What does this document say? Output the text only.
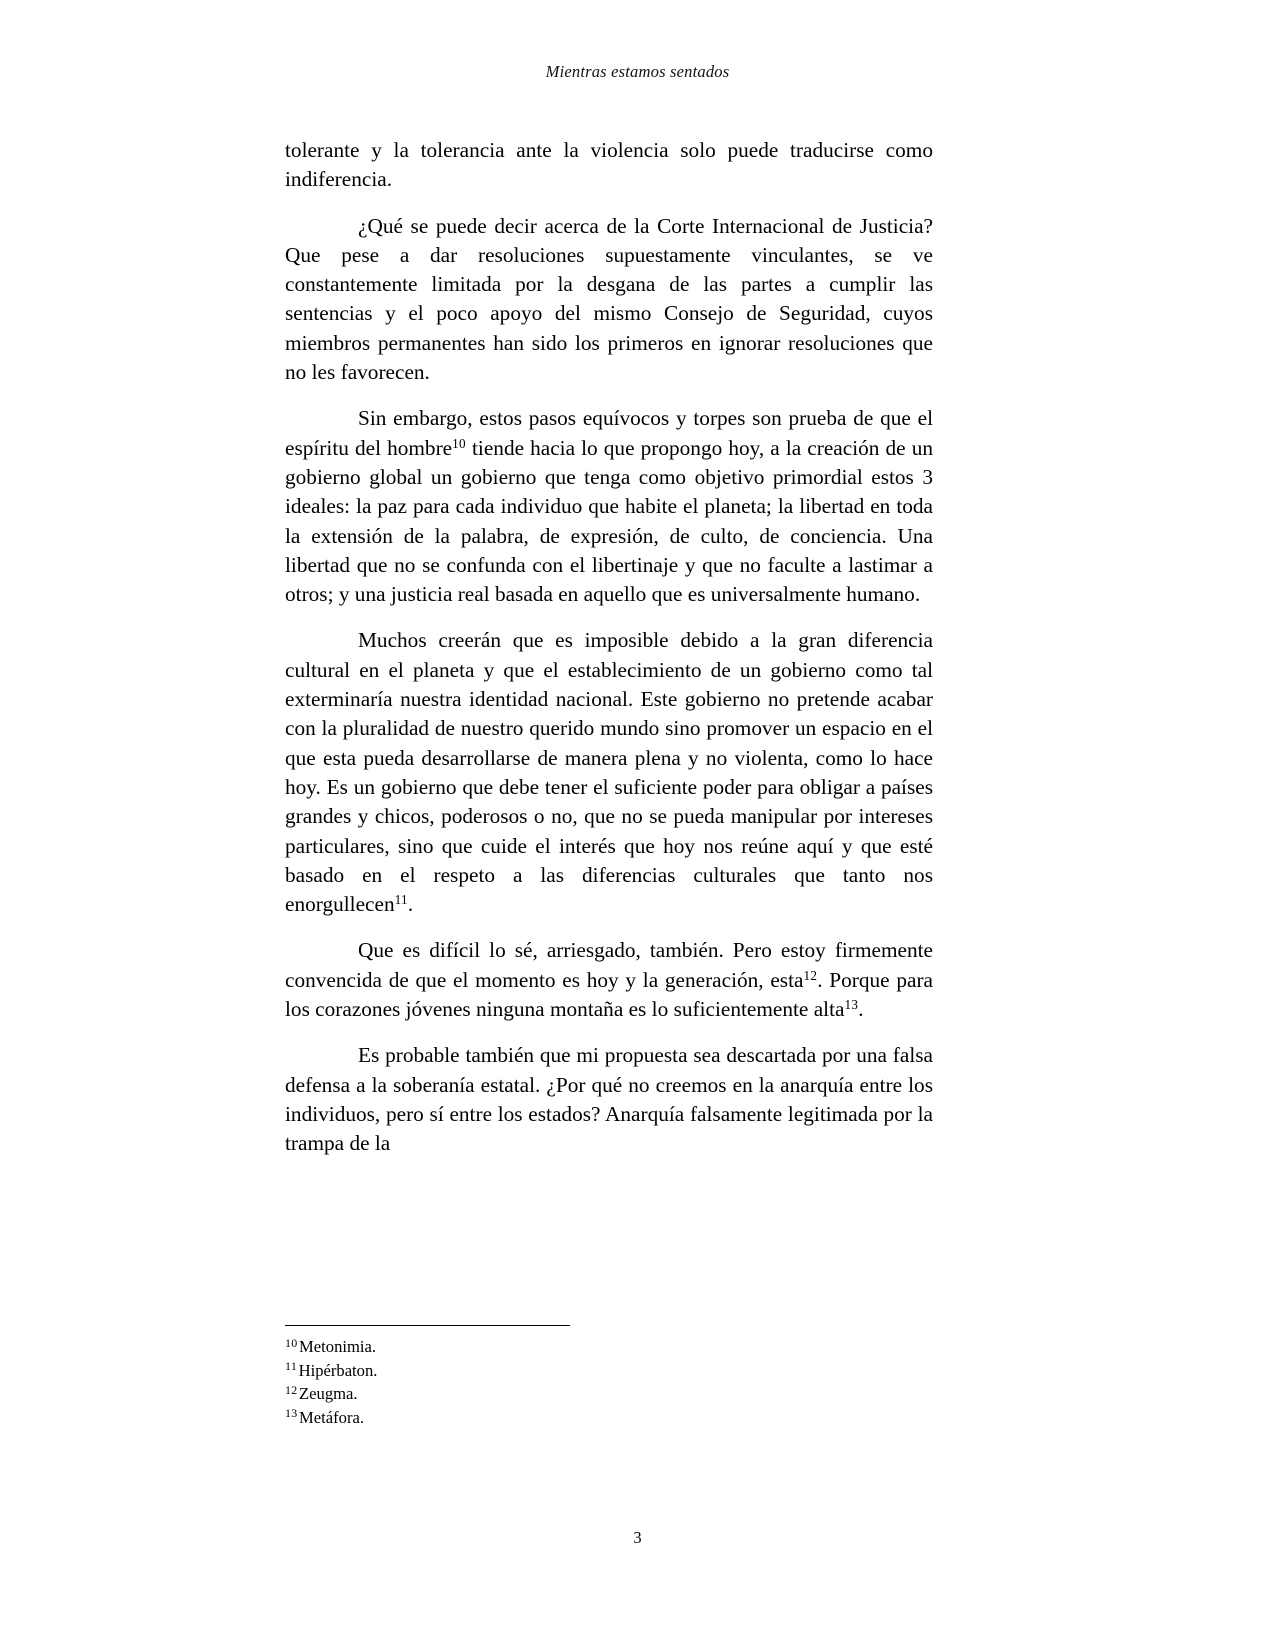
Mientras estamos sentados

tolerante y la tolerancia ante la violencia solo puede traducirse como indiferencia.

¿Qué se puede decir acerca de la Corte Internacional de Justicia? Que pese a dar resoluciones supuestamente vinculantes, se ve constantemente limitada por la desgana de las partes a cumplir las sentencias y el poco apoyo del mismo Consejo de Seguridad, cuyos miembros permanentes han sido los primeros en ignorar resoluciones que no les favorecen.

Sin embargo, estos pasos equívocos y torpes son prueba de que el espíritu del hombre$^{10}$ tiende hacia lo que propongo hoy, a la creación de un gobierno global un gobierno que tenga como objetivo primordial estos 3 ideales: la paz para cada individuo que habite el planeta; la libertad en toda la extensión de la palabra, de expresión, de culto, de conciencia. Una libertad que no se confunda con el libertinaje y que no faculte a lastimar a otros; y una justicia real basada en aquello que es universalmente humano.

Muchos creerán que es imposible debido a la gran diferencia cultural en el planeta y que el establecimiento de un gobierno como tal exterminaría nuestra identidad nacional. Este gobierno no pretende acabar con la pluralidad de nuestro querido mundo sino promover un espacio en el que esta pueda desarrollarse de manera plena y no violenta, como lo hace hoy. Es un gobierno que debe tener el suficiente poder para obligar a países grandes y chicos, poderosos o no, que no se pueda manipular por intereses particulares, sino que cuide el interés que hoy nos reúne aquí y que esté basado en el respeto a las diferencias culturales que tanto nos enorgullecen$^{11}$.

Que es difícil lo sé, arriesgado, también. Pero estoy firmemente convencida de que el momento es hoy y la generación, esta$^{12}$. Porque para los corazones jóvenes ninguna montaña es lo suficientemente alta$^{13}$.

Es probable también que mi propuesta sea descartada por una falsa defensa a la soberanía estatal. ¿Por qué no creemos en la anarquía entre los individuos, pero sí entre los estados? Anarquía falsamente legitimada por la trampa de la

$^{10}$Metonimia.
$^{11}$Hipérbaton.
$^{12}$Zeugma.
$^{13}$Metáfora.
3
